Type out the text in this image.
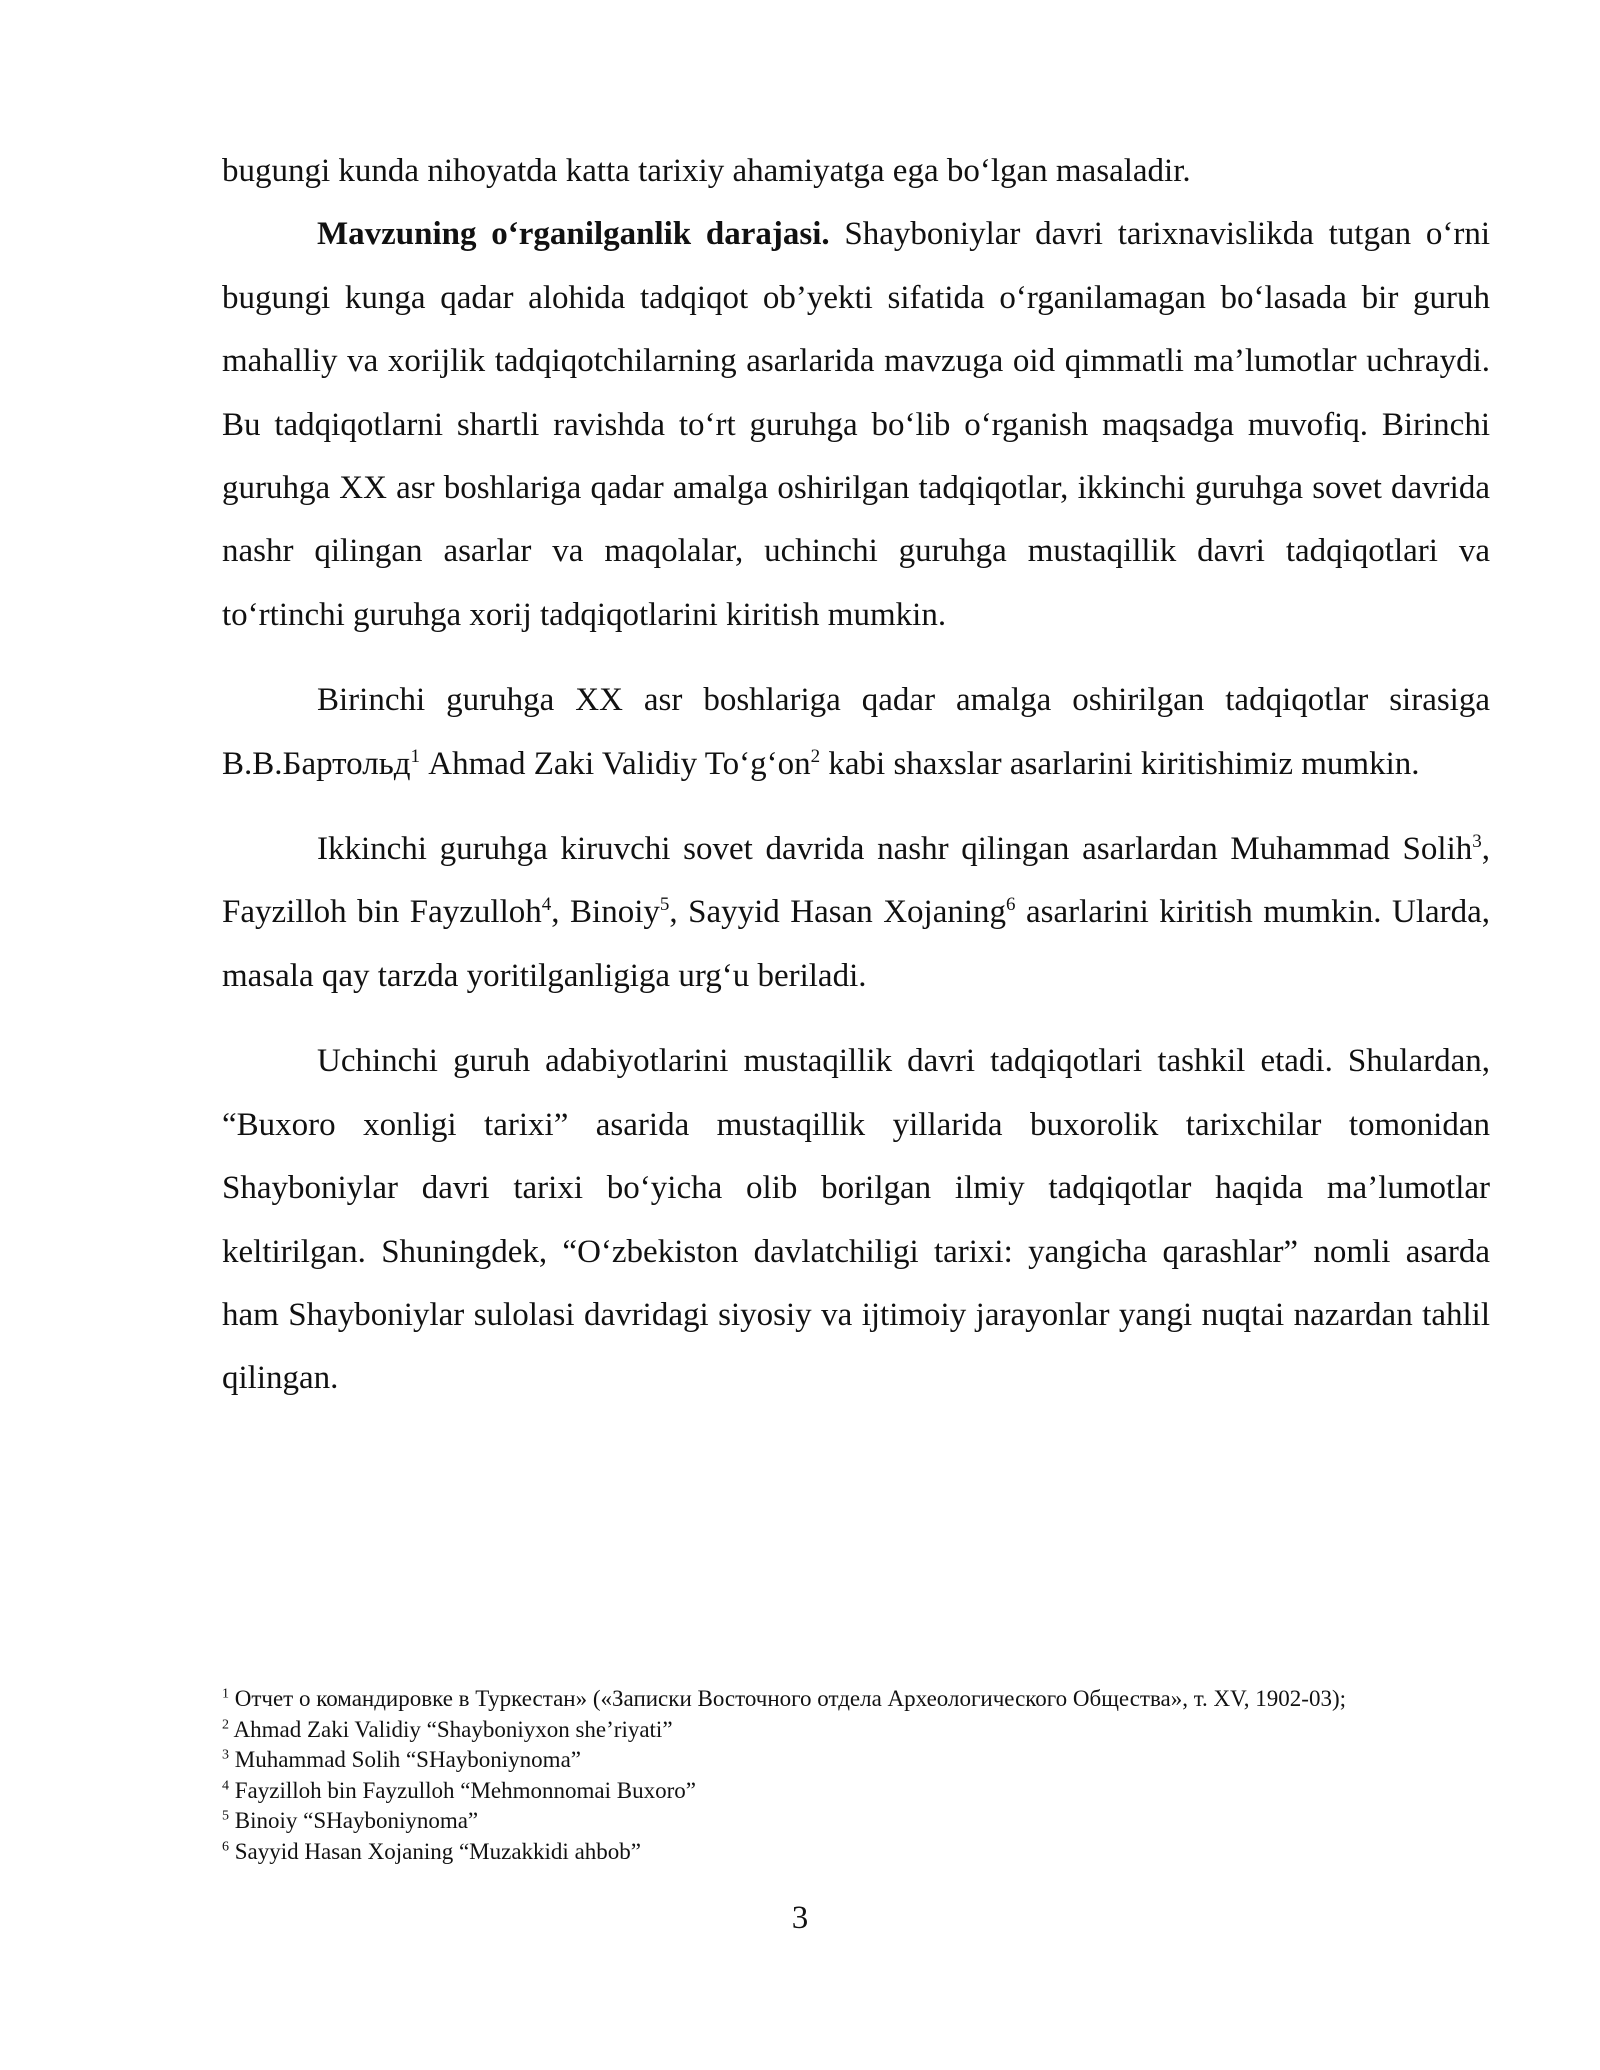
bugungi kunda nihoyatda katta tarixiy ahamiyatga ega bo‘lgan masaladir.

Mavzuning o‘rganilganlik darajasi. Shayboniylar davri tarixnavislikda tutgan o‘rni bugungi kunga qadar alohida tadqiqot ob’yekti sifatida o‘rganilamagan bo‘lasada bir guruh mahalliy va xorijlik tadqiqotchilarning asarlarida mavzuga oid qimmatli ma’lumotlar uchraydi. Bu tadqiqotlarni shartli ravishda to‘rt guruhga bo‘lib o‘rganish maqsadga muvofiq. Birinchi guruhga XX asr boshlariga qadar amalga oshirilgan tadqiqotlar, ikkinchi guruhga sovet davrida nashr qilingan asarlar va maqolalar, uchinchi guruhga mustaqillik davri tadqiqotlari va to‘rtinchi guruhga xorij tadqiqotlarini kiritish mumkin.

Birinchi guruhga XX asr boshlariga qadar amalga oshirilgan tadqiqotlar sirasiga В.В.Бартольд$^1$ Ahmad Zaki Validiy $To‘g‘on^2$ kabi shaxslar asarlarini kiritishimiz mumkin.

Ikkinchi guruhga kiruvchi sovet davrida nashr qilingan asarlardan Muhammad Solih$^3$, Fayzilloh bin Fayzulloh$^4$, Binoiy$^5$, Sayyid Hasan Xojaning$^6$ asarlarini kiritish mumkin. Ularda, masala qay tarzda yoritilganligiga urg‘u beriladi.

Uchinchi guruh adabiyotlarini mustaqillik davri tadqiqotlari tashkil etadi. Shulardan, “Buxoro xonligi tarixi” asarida mustaqillik yillarida buxorolik tarixchilar tomonidan Shayboniylar davri tarixi bo‘yicha olib borilgan ilmiy tadqiqotlar haqida ma’lumotlar keltirilgan. Shuningdek, “O‘zbekiston davlatchiligi tarixi: yangicha qarashlar” nomli asarda ham Shayboniylar sulolasi davridagi siyosiy va ijtimoiy jarayonlar yangi nuqtai nazardan tahlil qilingan.

$^1$ Отчет о командировке в Туркестан» («Записки Восточного отдела Археологического Общества», т. XV, 1902-03);

$^2$ Ahmad Zaki Validiy “Shayboniyxon she’riyati”

$^3$ Muhammad Solih “SHayboniynoma”

$^4$ Fayzilloh bin Fayzulloh “Mehmonnomai Buxoro”

$^5$ Binoiy “SHayboniynoma”

$^6$ Sayyid Hasan Xojaning “Muzakkidi ahbob”

3
